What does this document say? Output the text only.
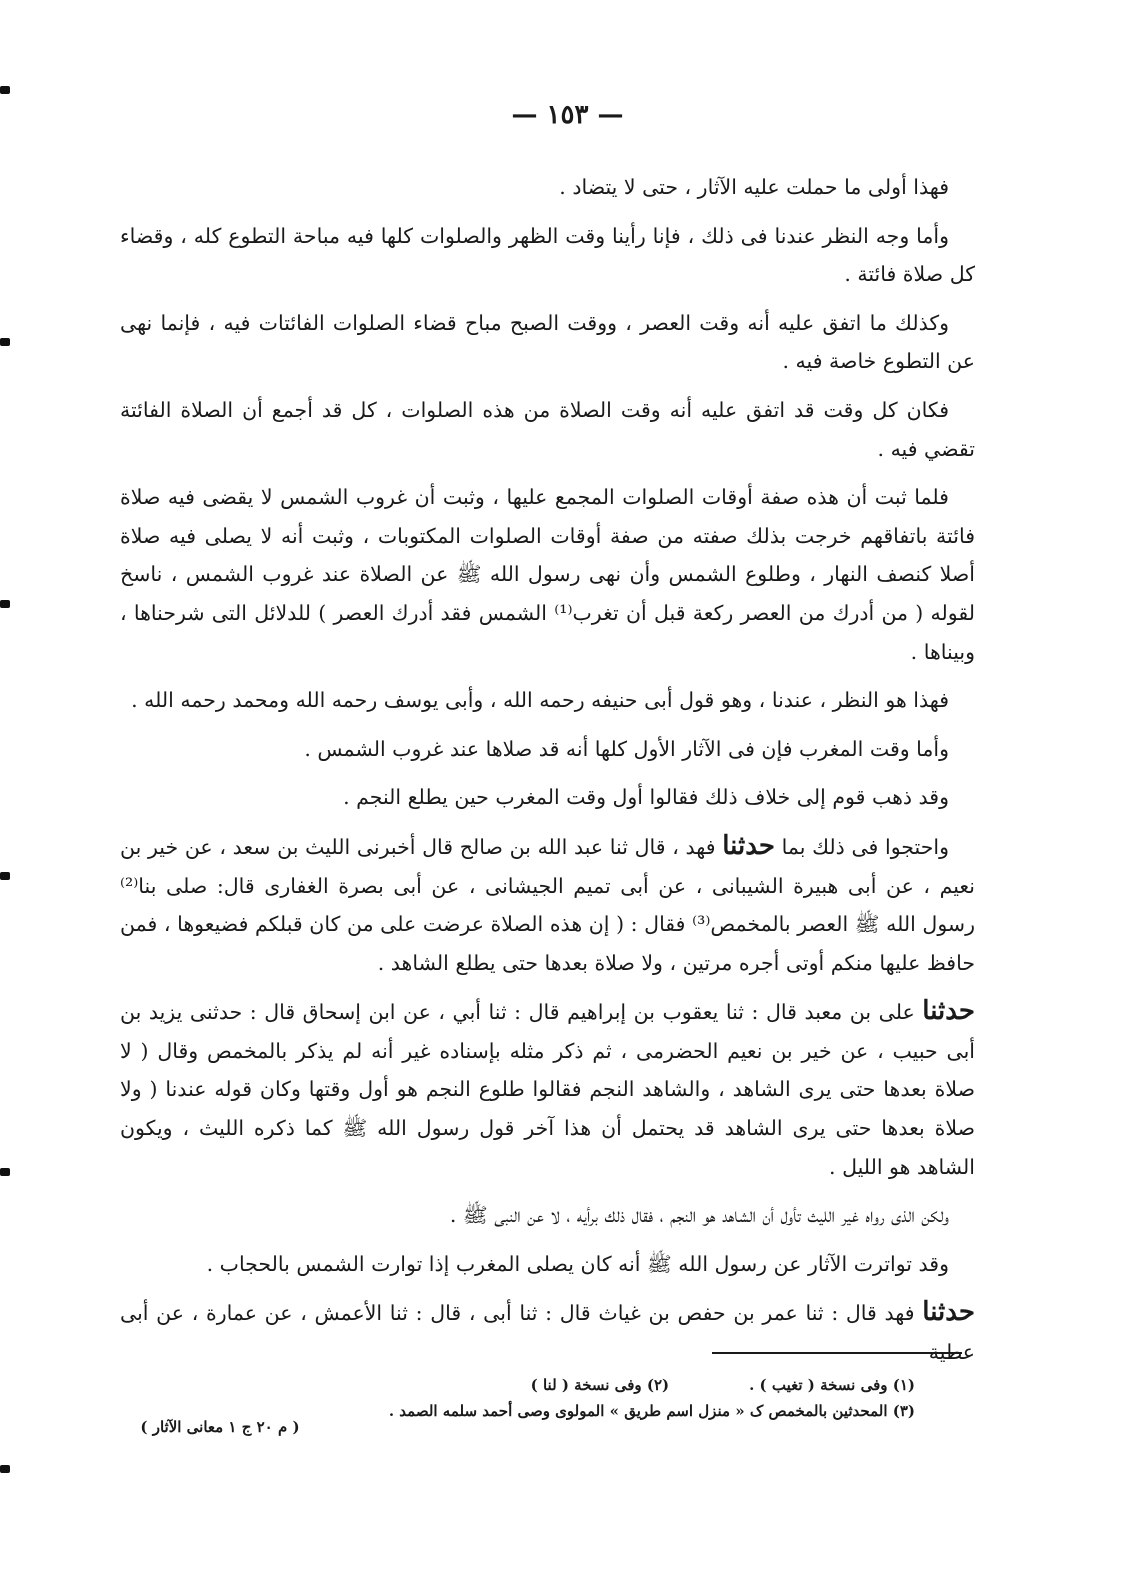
— ١٥٣ —

فهذا أولى ما حملت عليه الآثار ، حتى لا يتضاد .

وأما وجه النظر عندنا فى ذلك ، فإنا رأينا وقت الظهر والصلوات كلها فيه مباحة التطوع كله ، وقضاء كل صلاة فائتة .

وكذلك ما اتفق عليه أنه وقت العصر ، ووقت الصبح مباح قضاء الصلوات الفائتات فيه ، فإنما نهى عن التطوع خاصة فيه .

فكان كل وقت قد اتفق عليه أنه وقت الصلاة من هذه الصلوات ، كل قد أجمع أن الصلاة الفائتة تقضي فيه .

فلما ثبت أن هذه صفة أوقات الصلوات المجمع عليها ، وثبت أن غروب الشمس لا يقضى فيه صلاة فائتة باتفاقهم خرجت بذلك صفته من صفة أوقات الصلوات المكتوبات ، وثبت أنه لا يصلى فيه صلاة أصلا كنصف النهار ، وطلوع الشمس وأن نهى رسول الله ﷺ عن الصلاة عند غروب الشمس ، ناسخ لقوله ( من أدرك من العصر ركعة قبل أن تغرب⁽¹⁾ الشمس فقد أدرك العصر ) للدلائل التى شرحناها ، وبيناها .

فهذا هو النظر ، عندنا ، وهو قول أبى حنيفه رحمه الله ، وأبى يوسف رحمه الله ومحمد رحمه الله .

وأما وقت المغرب فإن فى الآثار الأول كلها أنه قد صلاها عند غروب الشمس .

وقد ذهب قوم إلى خلاف ذلك فقالوا أول وقت المغرب حين يطلع النجم .

واحتجوا فى ذلك بما حدثنا فهد ، قال ثنا عبد الله بن صالح قال أخبرنى الليث بن سعد ، عن خير بن نعيم ، عن أبى هبيرة الشيبانى ، عن أبى تميم الجيشانى ، عن أبى بصرة الغفارى قال: صلى بنا⁽²⁾ رسول الله ﷺ العصر بالمخمص⁽³⁾ فقال : ( إن هذه الصلاة عرضت على من كان قبلكم فضيعوها ، فمن حافظ عليها منكم أوتى أجره مرتين ، ولا صلاة بعدها حتى يطلع الشاهد .

حدثنا على بن معبد قال : ثنا يعقوب بن إبراهيم قال : ثنا أبي ، عن ابن إسحاق قال : حدثنى يزيد بن أبى حبيب ، عن خير بن نعيم الحضرمى ، ثم ذكر مثله بإسناده غير أنه لم يذكر بالمخمص وقال ( لا صلاة بعدها حتى يرى الشاهد ، والشاهد النجم فقالوا طلوع النجم هو أول وقتها وكان قوله عندنا ( ولا صلاة بعدها حتى يرى الشاهد قد يحتمل أن هذا آخر قول رسول الله ﷺ كما ذكره الليث ، ويكون الشاهد هو الليل .

ولكن الذى رواه غير الليث تأول أن الشاهد هو النجم ، فقال ذلك برأيه ، لا عن النبى ﷺ .

وقد تواترت الآثار عن رسول الله ﷺ أنه كان يصلى المغرب إذا توارت الشمس بالحجاب .

حدثنا فهد قال : ثنا عمر بن حفص بن غياث قال : ثنا أبى ، قال : ثنا الأعمش ، عن عمارة ، عن أبى عطية

(١) وفى نسخة ( تغيب ) .
(٢) وفى نسخة ( لنا )
(٣) المحدثين بالمخمص ک « منزل اسم طريق » المولوى وصى أحمد سلمه الصمد .
( م ٢٠ ج ١ معانى الآثار )
